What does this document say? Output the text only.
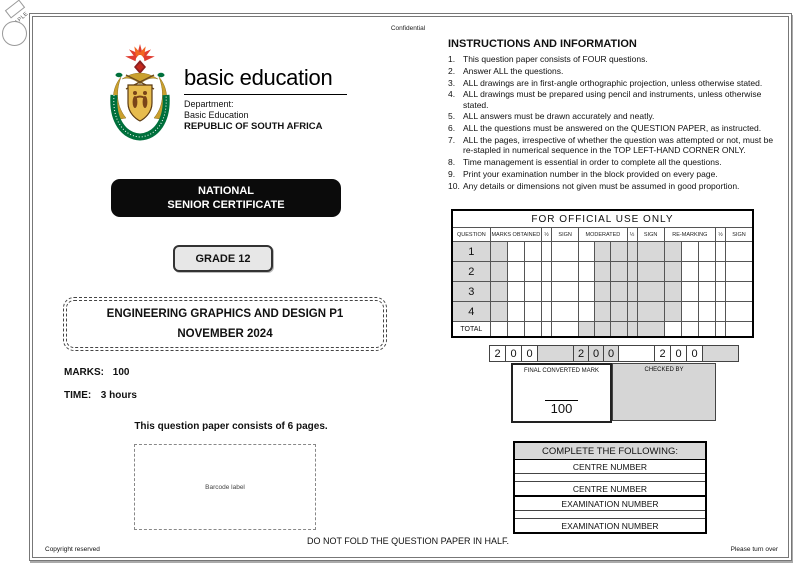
Confidential
basic education
Department:
Basic Education
REPUBLIC OF SOUTH AFRICA
NATIONAL
SENIOR CERTIFICATE
GRADE 12
ENGINEERING GRAPHICS AND DESIGN P1
NOVEMBER 2024
MARKS: 100
TIME: 3 hours
This question paper consists of 6 pages.
Barcode label
INSTRUCTIONS AND INFORMATION
1. This question paper consists of FOUR questions.
2. Answer ALL the questions.
3. ALL drawings are in first-angle orthographic projection, unless otherwise stated.
4. ALL drawings must be prepared using pencil and instruments, unless otherwise stated.
5. ALL answers must be drawn accurately and neatly.
6. ALL the questions must be answered on the QUESTION PAPER, as instructed.
7. ALL the pages, irrespective of whether the question was attempted or not, must be re-stapled in numerical sequence in the TOP LEFT-HAND CORNER ONLY.
8. Time management is essential in order to complete all the questions.
9. Print your examination number in the block provided on every page.
10. Any details or dimensions not given must be assumed in good proportion.
FOR OFFICIAL USE ONLY															
QUESTION	MARKS OBTAINED			½	SIGN	MODERATED			½	SIGN	RE-MARKING			½	SIGN
1															
2															
3															
4															
TOTAL															
2 0 0	2 0 0	2 0 0
FINAL CONVERTED MARK
100
CHECKED BY
COMPLETE THE FOLLOWING:
CENTRE NUMBER
CENTRE NUMBER
EXAMINATION NUMBER
EXAMINATION NUMBER
DO NOT FOLD THE QUESTION PAPER IN HALF.
Copyright reserved	Please turn over
